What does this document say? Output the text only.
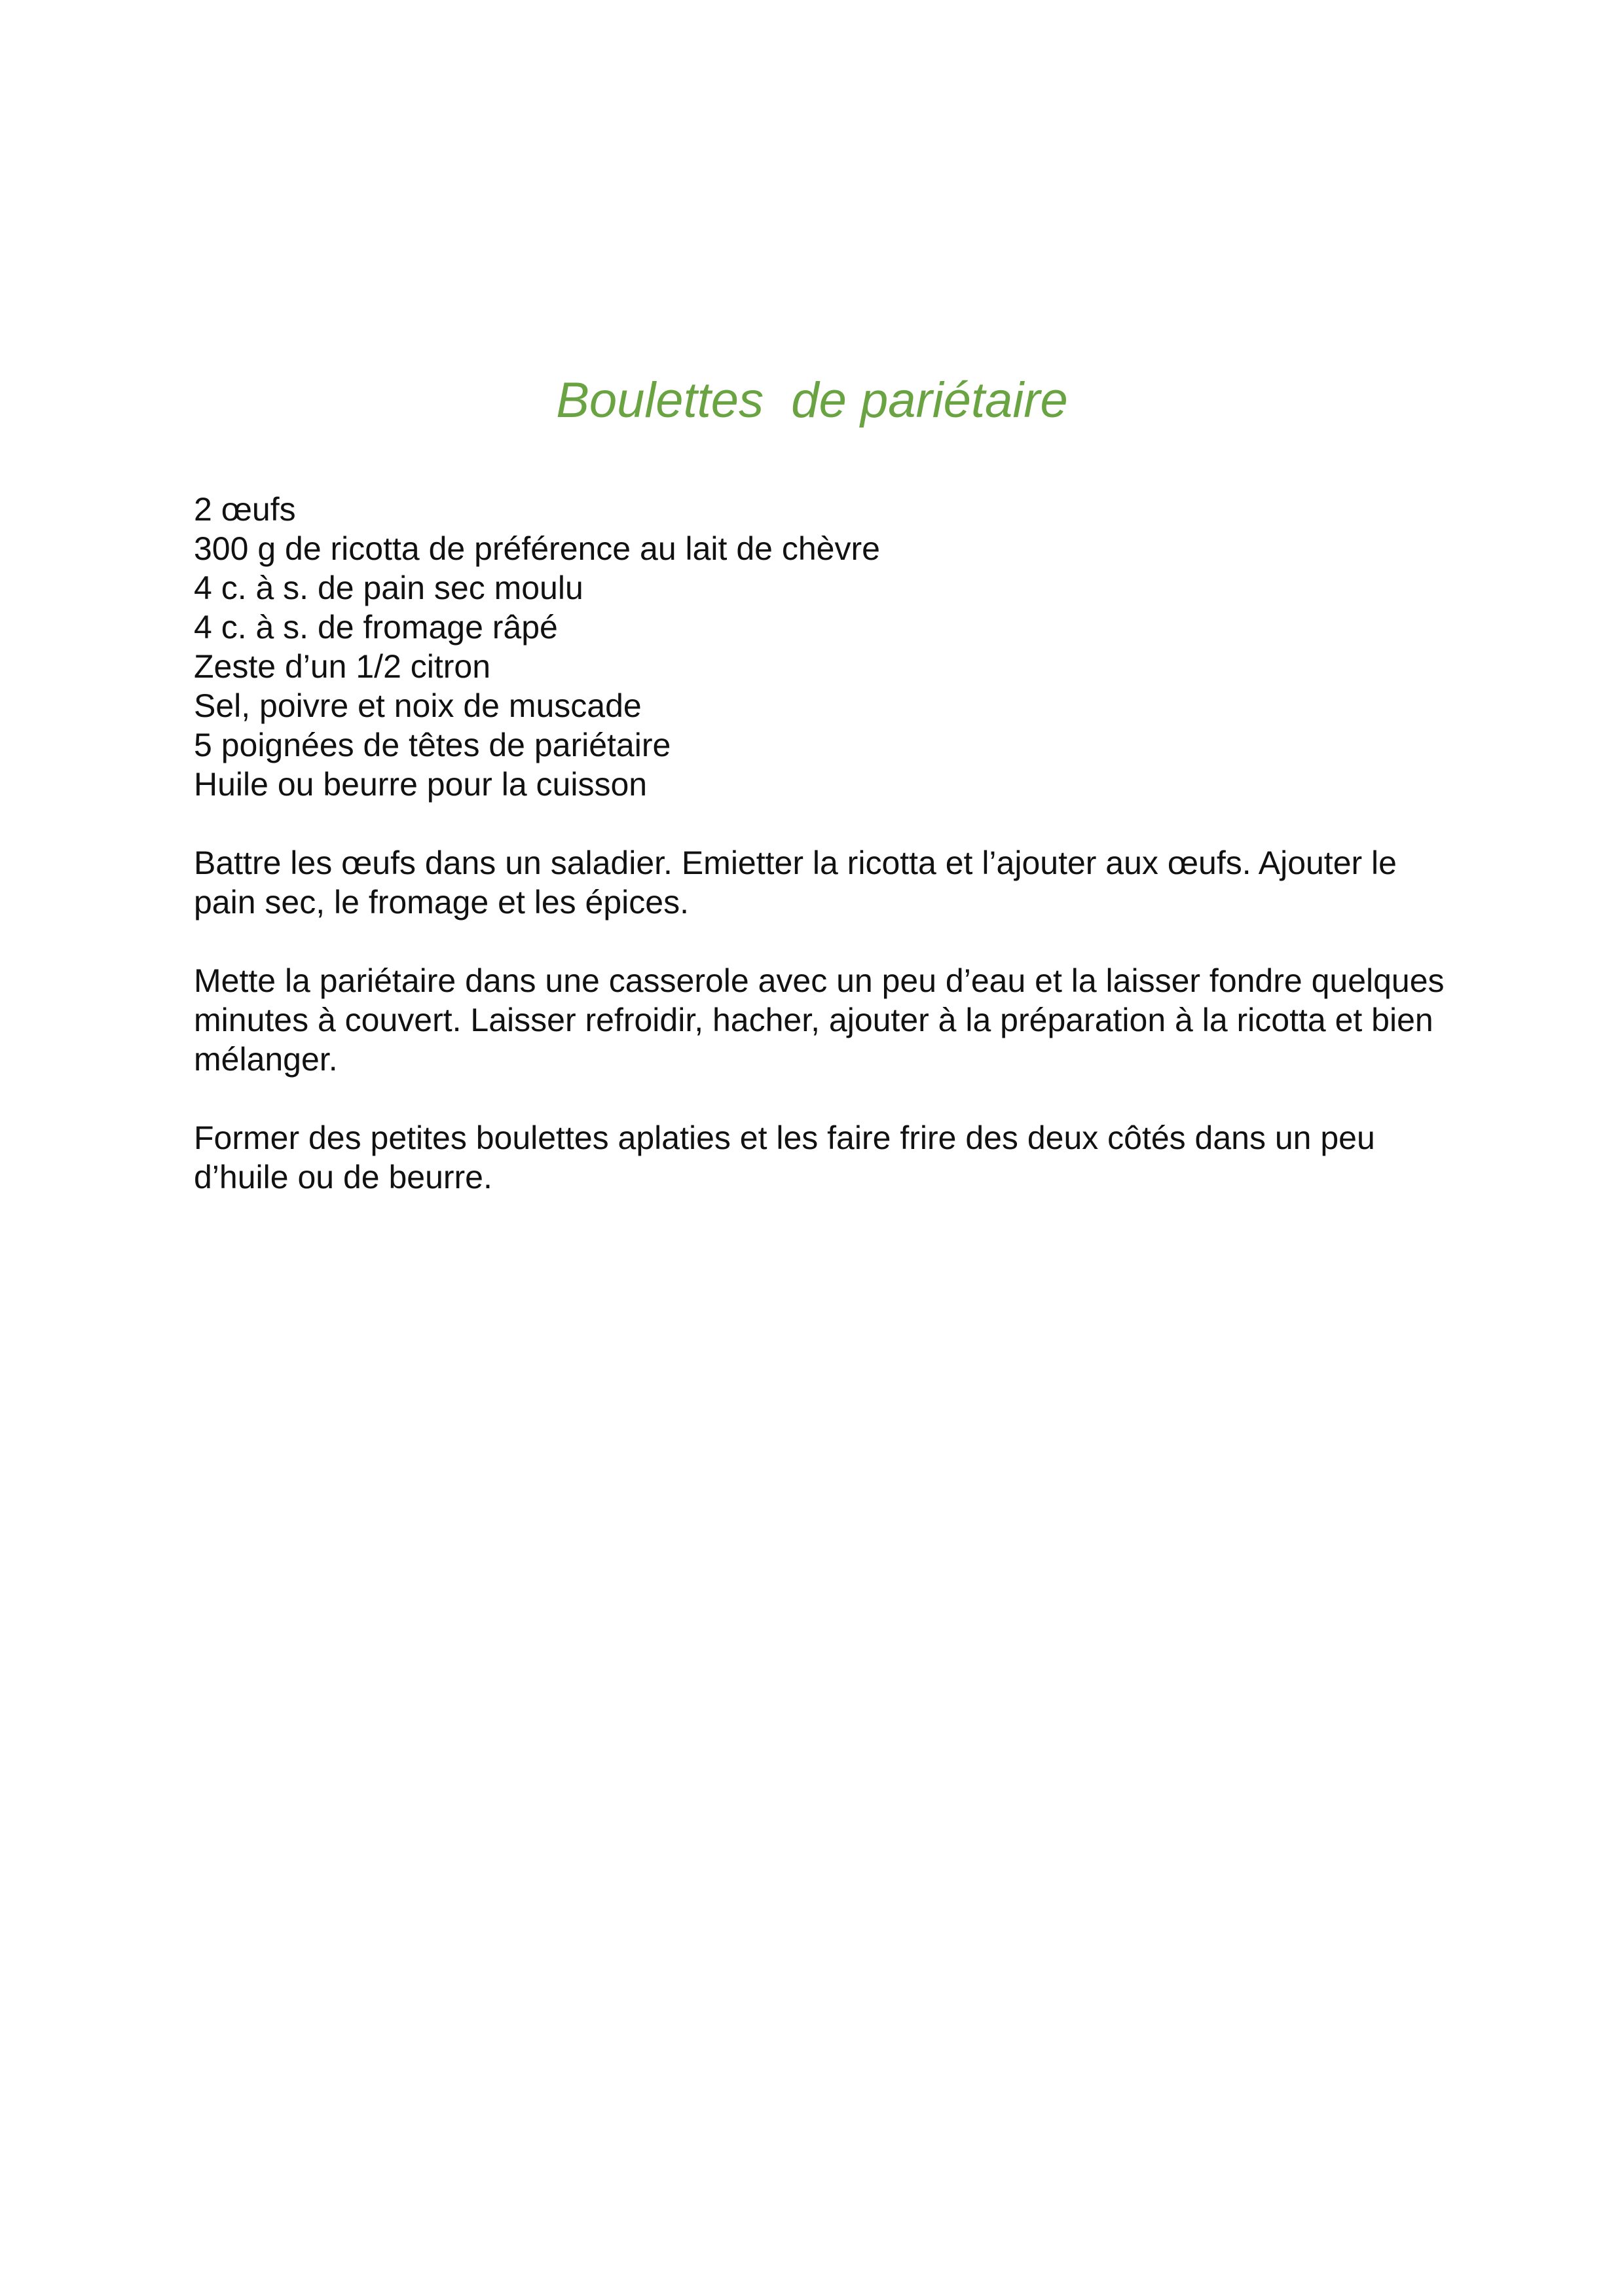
Boulettes  de pariétaire
2 œufs
300 g de ricotta de préférence au lait de chèvre
4 c. à s. de pain sec moulu
4 c. à s. de fromage râpé
Zeste d’un 1/2 citron
Sel, poivre et noix de muscade
5 poignées de têtes de pariétaire
Huile ou beurre pour la cuisson

Battre les œufs dans un saladier. Emietter la ricotta et l’ajouter aux œufs. Ajouter le pain sec, le fromage et les épices.

Mette la pariétaire dans une casserole avec un peu d’eau et la laisser fondre quelques minutes à couvert. Laisser refroidir, hacher, ajouter à la préparation à la ricotta et bien mélanger.

Former des petites boulettes aplaties et les faire frire des deux côtés dans un peu d’huile ou de beurre.
